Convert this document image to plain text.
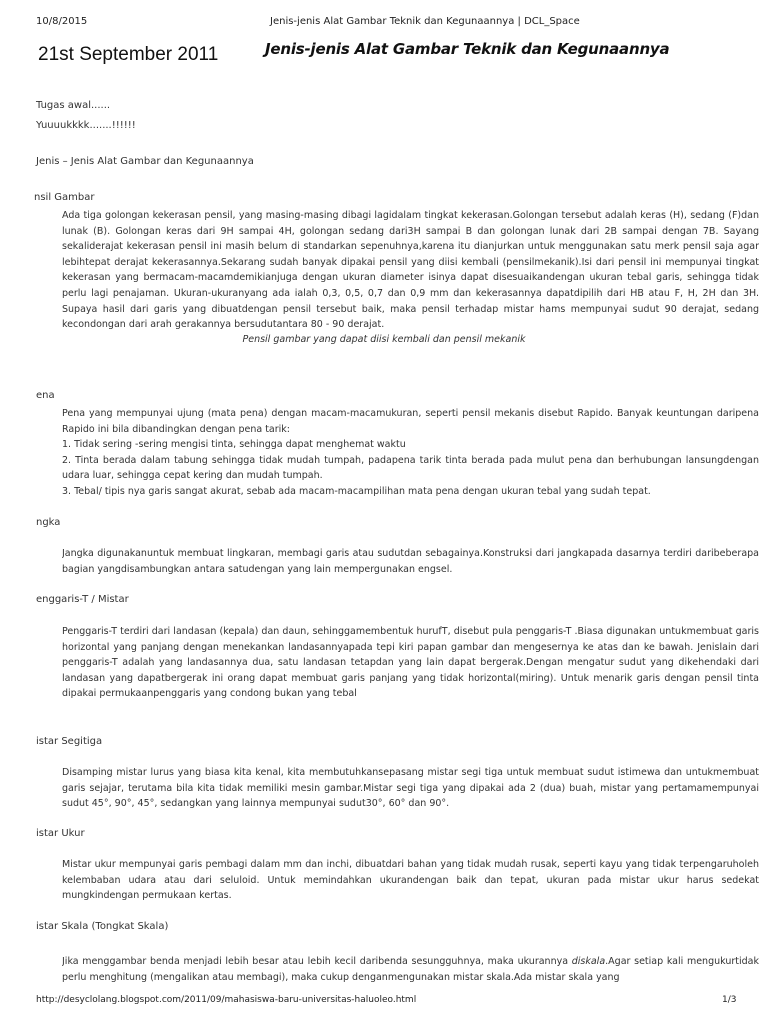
10/8/2015	Jenis-jenis Alat Gambar Teknik dan Kegunaannya | DCL_Space
21st September 2011	Jenis-jenis Alat Gambar Teknik dan Kegunaannya
Tugas awal......
Yuuuukkkk.......!!!!!!
Jenis – Jenis Alat Gambar dan Kegunaannya
nsil Gambar

Ada tiga golongan kekerasan pensil, yang masing-masing dibagi lagidalam tingkat kekerasan.Golongan tersebut adalah keras (H), sedang (F)dan lunak (B). Golongan keras dari 9H sampai 4H, golongan sedang dari3H sampai B dan golongan lunak dari 2B sampai dengan 7B. Sayang sekaliderajat kekerasan pensil ini masih belum di standarkan sepenuhnya,karena itu dianjurkan untuk menggunakan satu merk pensil saja agar lebihtepat derajat kekerasannya.Sekarang sudah banyak dipakai pensil yang diisi kembali (pensilmekanik).Isi dari pensil ini mempunyai tingkat kekerasan yang bermacam-macamdemikianjuga dengan ukuran diameter isinya dapat disesuaikandengan ukuran tebal garis, sehingga tidak perlu lagi penajaman. Ukuran-ukuranyang ada ialah 0,3, 0,5, 0,7 dan 0,9 mm dan kekerasannya dapatdipilih dari HB atau F, H, 2H dan 3H. Supaya hasil dari garis yang dibuatdengan pensil tersebut baik, maka pensil terhadap mistar hams mempunyai sudut 90 derajat, sedang kecondongan dari arah gerakannya bersudutantara 80 - 90 derajat.

Pensil gambar yang dapat diisi kembali dan pensil mekanik
ena

Pena yang mempunyai ujung (mata pena) dengan macam-macamukuran, seperti pensil mekanis disebut Rapido. Banyak keuntungan daripena Rapido ini bila dibandingkan dengan pena tarik:

1. Tidak sering -sering mengisi tinta, sehingga dapat menghemat waktu
2. Tinta berada dalam tabung sehingga tidak mudah tumpah, padapena tarik tinta berada pada mulut pena dan berhubungan lansungdengan udara luar, sehingga cepat kering dan mudah tumpah.
3. Tebal/ tipis nya garis sangat akurat, sebab ada macam-macampilihan mata pena dengan ukuran tebal yang sudah tepat.
ngka

Jangka digunakanuntuk membuat lingkaran, membagi garis atau sudutdan sebagainya.Konstruksi dari jangkapada dasarnya terdiri daribeberapa bagian yangdisambungkan antara satudengan yang lain mempergunakan engsel.

enggaris-T / Mistar

Penggaris-T terdiri dari landasan (kepala) dan daun, sehinggamembentuk hurufT, disebut pula penggaris-T .Biasa digunakan untukmembuat garis horizontal yang panjang dengan menekankan landasannyapada tepi kiri papan gambar dan mengesernya ke atas dan ke bawah. Jenislain dari penggaris-T adalah yang landasannya dua, satu landasan tetapdan yang lain dapat bergerak.Dengan mengatur sudut yang dikehendaki dari landasan yang dapatbergerak ini orang dapat membuat garis panjang yang tidak horizontal(miring). Untuk menarik garis dengan pensil tinta dipakai permukaanpenggaris yang condong bukan yang tebal

istar Segitiga

Disamping mistar lurus yang biasa kita kenal, kita membutuhkansepasang mistar segi tiga untuk membuat sudut istimewa dan untukmembuat garis sejajar, terutama bila kita tidak memiliki mesin gambar.Mistar segi tiga yang dipakai ada 2 (dua) buah, mistar yang pertamamempunyai sudut 45°, 90°, 45°, sedangkan yang lainnya mempunyai sudut30°, 60° dan 90°.

istar Ukur

Mistar ukur mempunyai garis pembagi dalam mm dan inchi, dibuatdari bahan yang tidak mudah rusak, seperti kayu yang tidak terpengaruholeh kelembaban udara atau dari seluloid. Untuk memindahkan ukurandengan baik dan tepat, ukuran pada mistar ukur harus sedekat mungkindengan permukaan kertas.

istar Skala (Tongkat Skala)

Jika menggambar benda menjadi lebih besar atau lebih kecil daribenda sesungguhnya, maka ukurannya diskala.Agar setiap kali mengukurtidak perlu menghitung (mengalikan atau membagi), maka cukup denganmengunakan mistar skala.Ada mistar skala yang

http://desyclolang.blogspot.com/2011/09/mahasiswa-baru-universitas-haluoleo.html	1/3
